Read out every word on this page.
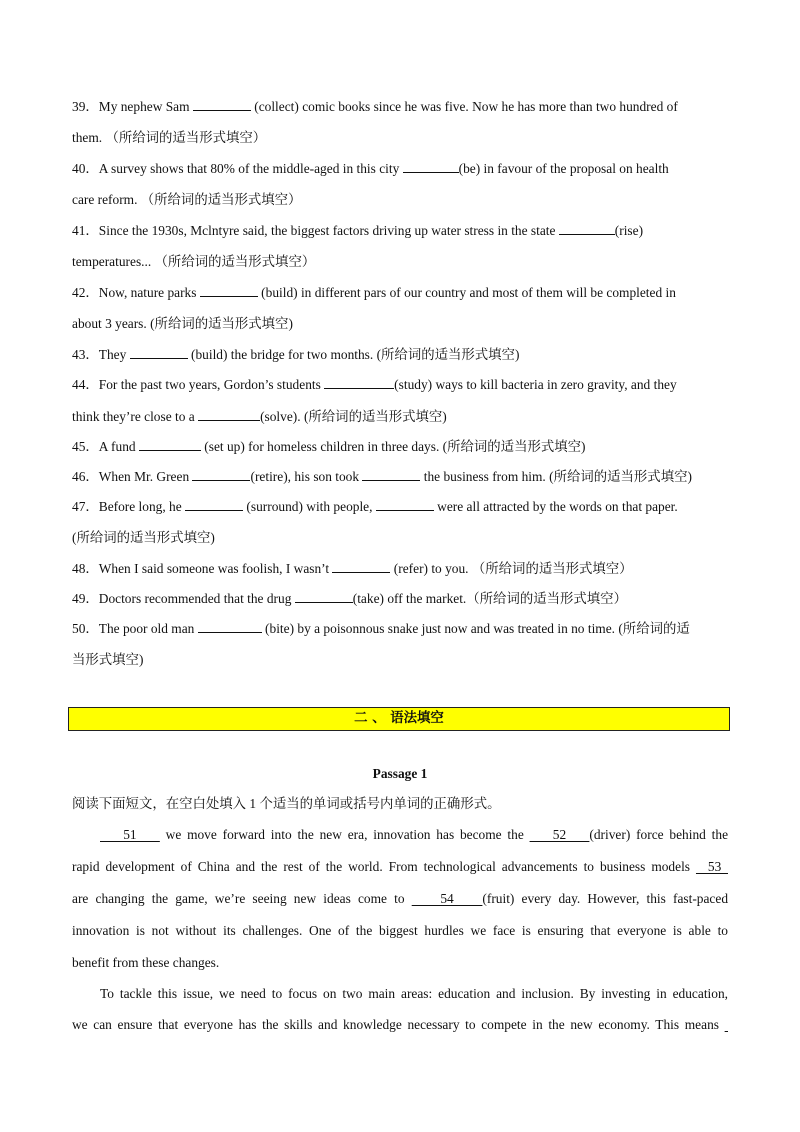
39．My nephew Sam	(collect) comic books since he was five. Now he has more than two hundred of
them. （所给词的适当形式填空）
40．A survey shows that 80% of the middle-aged in this city	(be) in favour of the proposal on health
care reform. （所给词的适当形式填空）
41．Since the 1930s, Mclntyre said, the biggest factors driving up water stress in the state	(rise)
temperatures... （所给词的适当形式填空）
42．Now, nature parks	(build) in different pars of our country and most of them will be completed in
about 3 years. (所给词的适当形式填空)
43．They	(build) the bridge for two months. (所给词的适当形式填空)
44．For the past two years, Gordon’s students	(study) ways to kill bacteria in zero gravity, and they
think they’re close to a	(solve). (所给词的适当形式填空)
45．A fund	(set up) for homeless children in three days. (所给词的适当形式填空)
46．When Mr. Green	(retire), his son took	the business from him. (所给词的适当形式填空)
47．Before long, he	(surround) with people,	were all attracted by the words on that paper.
(所给词的适当形式填空)
48．When I said someone was foolish, I wasn’t	(refer) to you. （所给词的适当形式填空）
49．Doctors recommended that the drug	(take) off the market.（所给词的适当形式填空）
50．The poor old man	(bite) by a poisonnous snake just now and was treated in no time. (所给词的适
当形式填空)
二 、 语法填空
Passage 1
阅读下面短文，在空白处填入 1 个适当的单词或括号内单词的正确形式。
51     we move forward into the new era, innovation has become the     52    (driver) force behind the
rapid development of China and the rest of the world. From technological advancements to business models   53
are changing the game, we’re seeing new ideas come to     54    (fruit) every day. However, this fast-paced
innovation is not without its challenges. One of the biggest hurdles we face is ensuring that everyone is able to
benefit from these changes.
To tackle this issue, we need to focus on two main areas: education and inclusion. By investing in education,
we can ensure that everyone has the skills and knowledge necessary to compete in the new economy. This means
